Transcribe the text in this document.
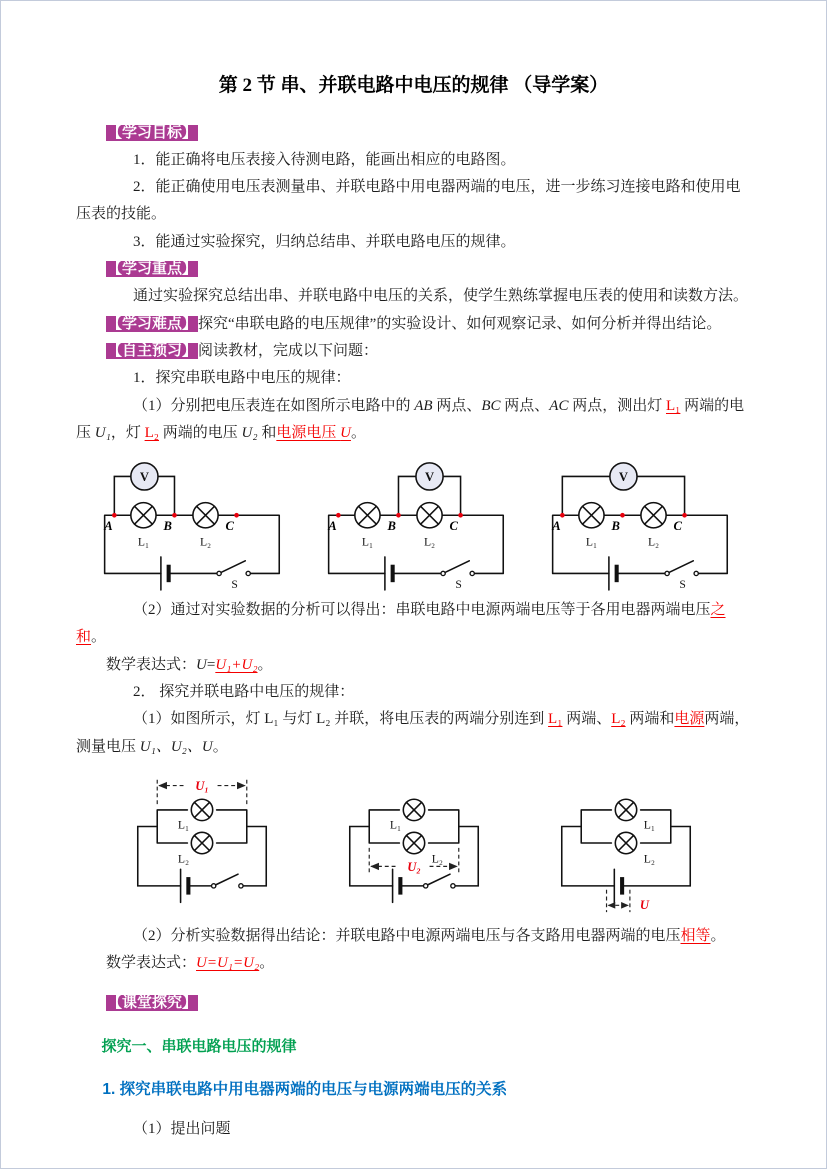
第 2 节 串、并联电路中电压的规律 （导学案）

【学习目标】

1．能正确将电压表接入待测电路，能画出相应的电路图。

2．能正确使用电压表测量串、并联电路中用电器两端的电压，进一步练习连接电路和使用电压表的技能。

3．能通过实验探究，归纳总结串、并联电路电压的规律。

【学习重点】

通过实验探究总结出串、并联电路中电压的关系，使学生熟练掌握电压表的使用和读数方法。

【学习难点】探究“串联电路的电压规律”的实验设计、如何观察记录、如何分析并得出结论。

【自主预习】阅读教材，完成以下问题：

1．探究串联电路中电压的规律：

（1）分别把电压表连在如图所示电路中的 AB 两点、BC 两点、AC 两点，测出灯 L₁ 两端的电压 U₁，灯 L₂ 两端的电压 U₂ 和电源电压 U。

V
A	B	C
L₁	L₂
S
V
A	B	C
L₁	L₂
S
V
A	B	C
L₁	L₂
S

（2）通过对实验数据的分析可以得出：串联电路中电源两端电压等于各用电器两端电压之和。

数学表达式：U=U₁+U₂。

2． 探究并联电路中电压的规律：

（1）如图所示，灯 L₁ 与灯 L₂ 并联，将电压表的两端分别连到 L₁ 两端、L₂ 两端和电源两端，测量电压 U₁、U₂、U。

U₁
L₁
L₂
U₂
L₁
L₂
U
L₁
L₂

（2）分析实验数据得出结论：并联电路中电源两端电压与各支路用电器两端的电压相等。

数学表达式：U=U₁=U₂。

【课堂探究】

探究一、串联电路电压的规律

1. 探究串联电路中用电器两端的电压与电源两端电压的关系

（1）提出问题
